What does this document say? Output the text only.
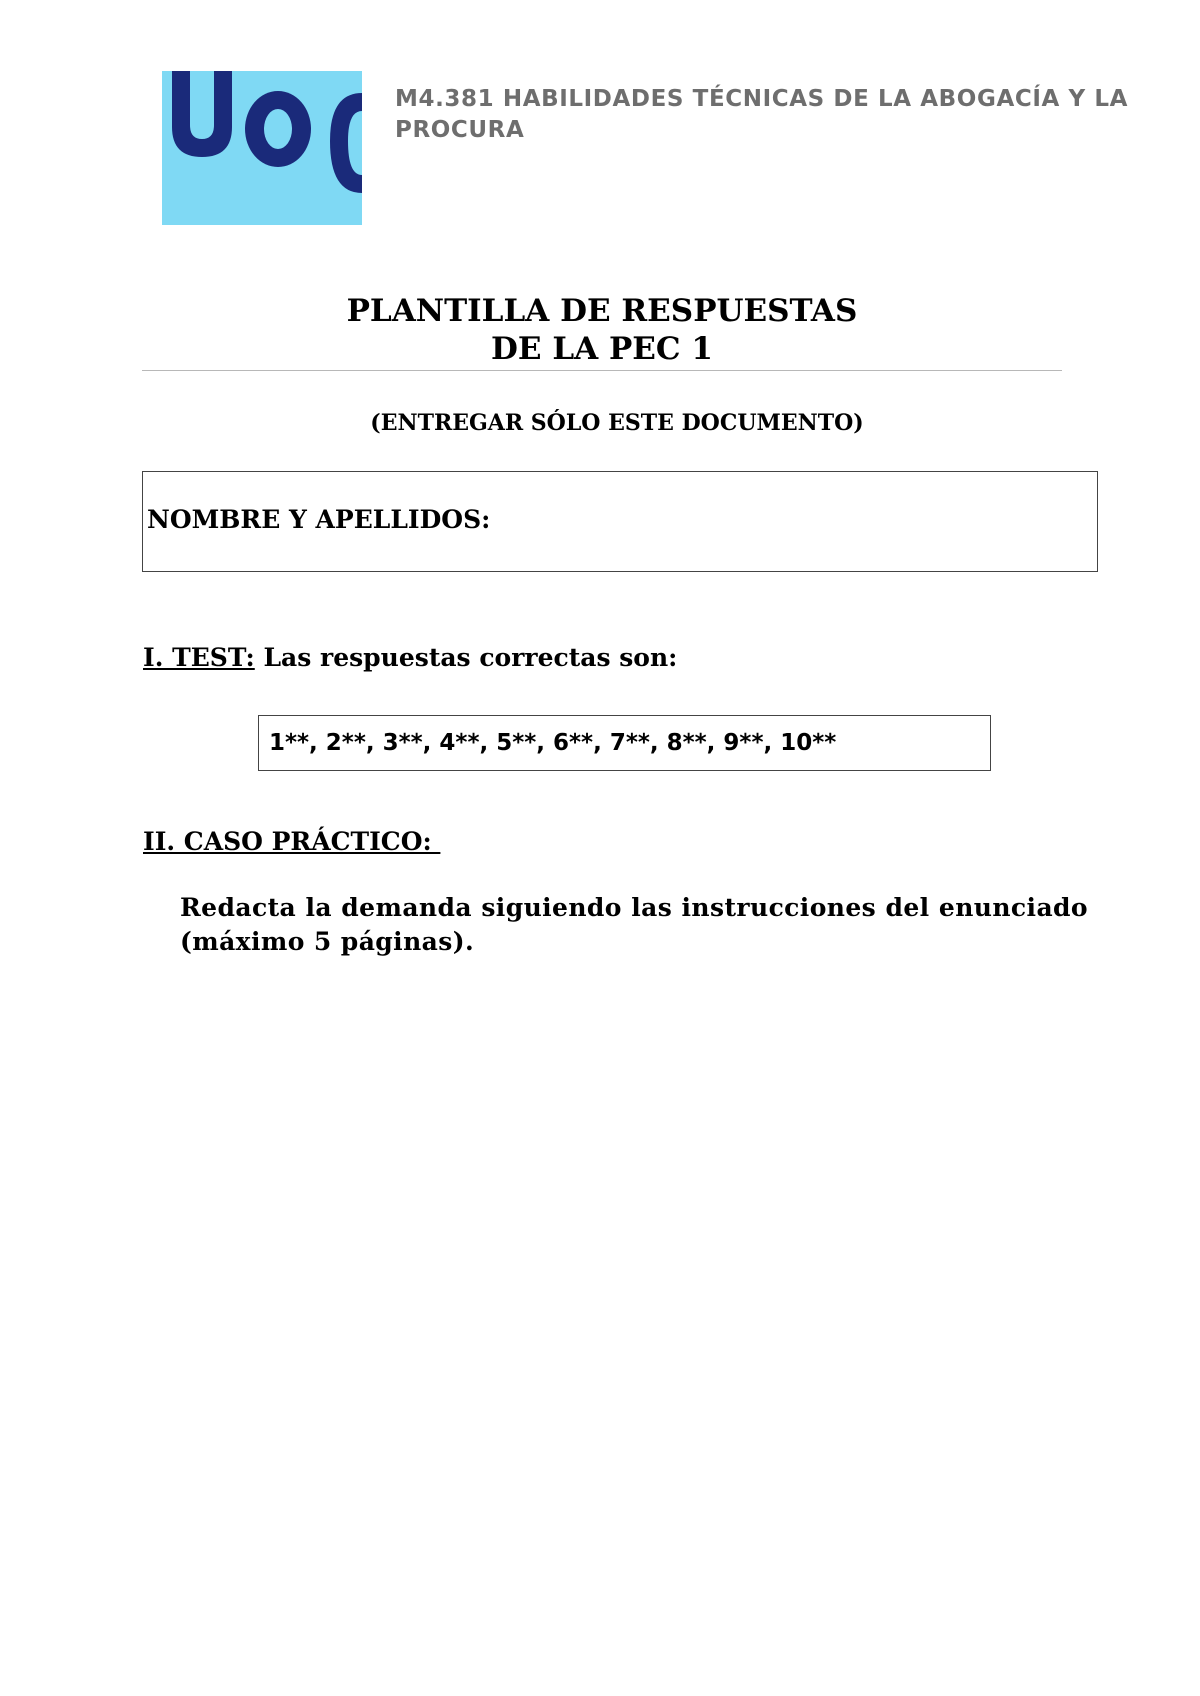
M4.381 HABILIDADES TÉCNICAS DE LA ABOGACÍA Y LA PROCURA
PLANTILLA DE RESPUESTAS
DE LA PEC 1
(ENTREGAR SÓLO ESTE DOCUMENTO)
NOMBRE Y APELLIDOS:
I. TEST: Las respuestas correctas son:
1**, 2**, 3**, 4**, 5**, 6**, 7**, 8**, 9**, 10**
II. CASO PRÁCTICO:
Redacta la demanda siguiendo las instrucciones del enunciado (máximo 5 páginas).
